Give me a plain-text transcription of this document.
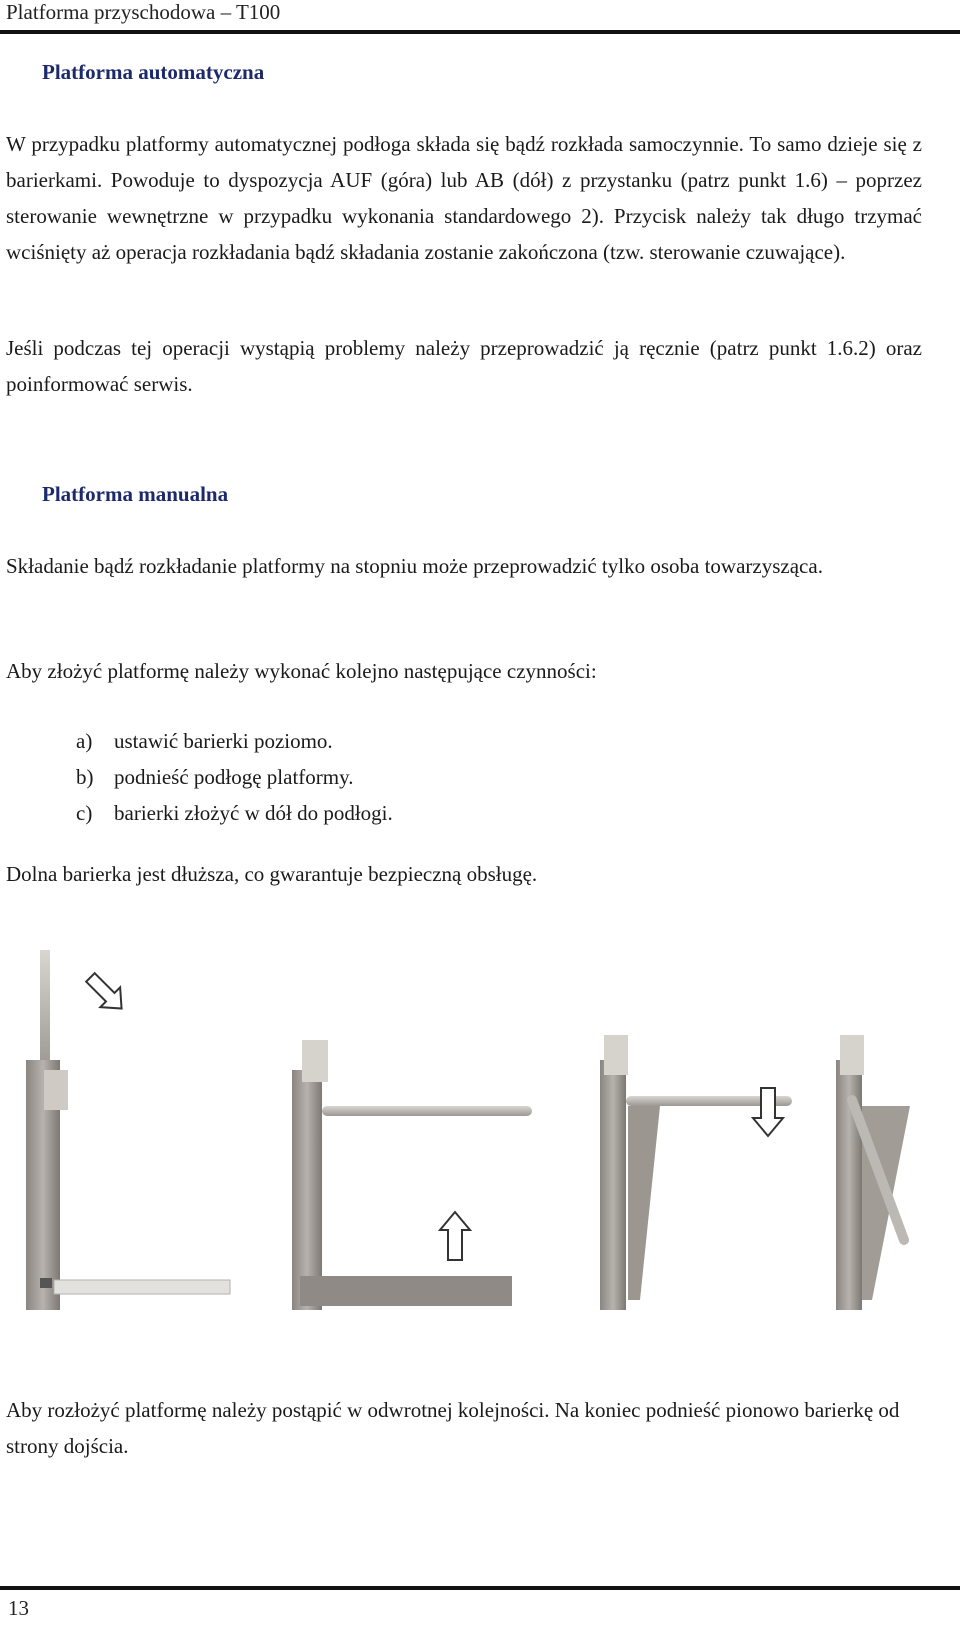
Platforma przyschodowa – T100
Platforma automatyczna
W przypadku platformy automatycznej podłoga składa się bądź rozkłada samoczynnie. To samo dzieje się z barierkami. Powoduje to dyspozycja AUF (góra) lub AB (dół) z przystanku (patrz punkt 1.6) – poprzez sterowanie wewnętrzne w przypadku wykonania standardowego 2). Przycisk należy tak długo trzymać wciśnięty aż operacja rozkładania bądź składania zostanie zakończona (tzw. sterowanie czuwające).
Jeśli podczas tej operacji wystąpią problemy należy przeprowadzić ją ręcznie (patrz punkt 1.6.2) oraz poinformować serwis.
Platforma manualna
Składanie bądź rozkładanie platformy na stopniu może przeprowadzić tylko osoba towarzysząca.
Aby złożyć platformę należy wykonać kolejno następujące czynności:
a) ustawić barierki poziomo.
b) podnieść podłogę platformy.
c) barierki złożyć w dół do podłogi.
Dolna barierka jest dłuższa, co gwarantuje bezpieczną obsługę.
Aby rozłożyć platformę należy postąpić w odwrotnej kolejności. Na koniec podnieść pionowo barierkę od strony dojścia.
13
